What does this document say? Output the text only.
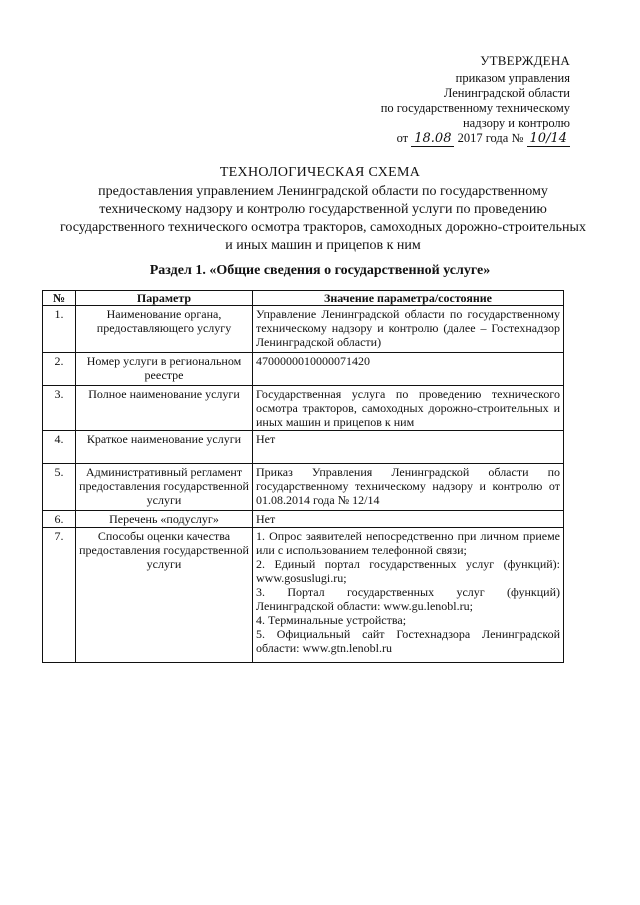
УТВЕРЖДЕНА
приказом управления
Ленинградской области
по государственному техническому
надзору и контролю
от 18.08 2017 года № 10/14
ТЕХНОЛОГИЧЕСКАЯ СХЕМА
предоставления управлением Ленинградской области по государственному техническому надзору и контролю государственной услуги по проведению государственного технического осмотра тракторов, самоходных дорожно-строительных и иных машин и прицепов к ним
Раздел 1. «Общие сведения о государственной услуге»
№	Параметр	Значение параметра/состояние
1.	Наименование органа, предоставляющего услугу	Управление Ленинградской области по государственному техническому надзору и контролю (далее – Гостехнадзор Ленинградской области)
2.	Номер услуги в региональном реестре	4700000010000071420
3.	Полное наименование услуги	Государственная услуга по проведению технического осмотра тракторов, самоходных дорожно-строительных и иных машин и прицепов к ним
4.	Краткое наименование услуги	Нет
5.	Административный регламент предоставления государственной услуги	Приказ Управления Ленинградской области по государственному техническому надзору и контролю от 01.08.2014 года № 12/14
6.	Перечень «подуслуг»	Нет
7.	Способы оценки качества предоставления государственной услуги	1. Опрос заявителей непосредственно при личном приеме или с использованием телефонной связи;
2. Единый портал государственных услуг (функций): www.gosuslugi.ru;
3. Портал государственных услуг (функций) Ленинградской области: www.gu.lenobl.ru;
4. Терминальные устройства;
5. Официальный сайт Гостехнадзора Ленинградской области: www.gtn.lenobl.ru
